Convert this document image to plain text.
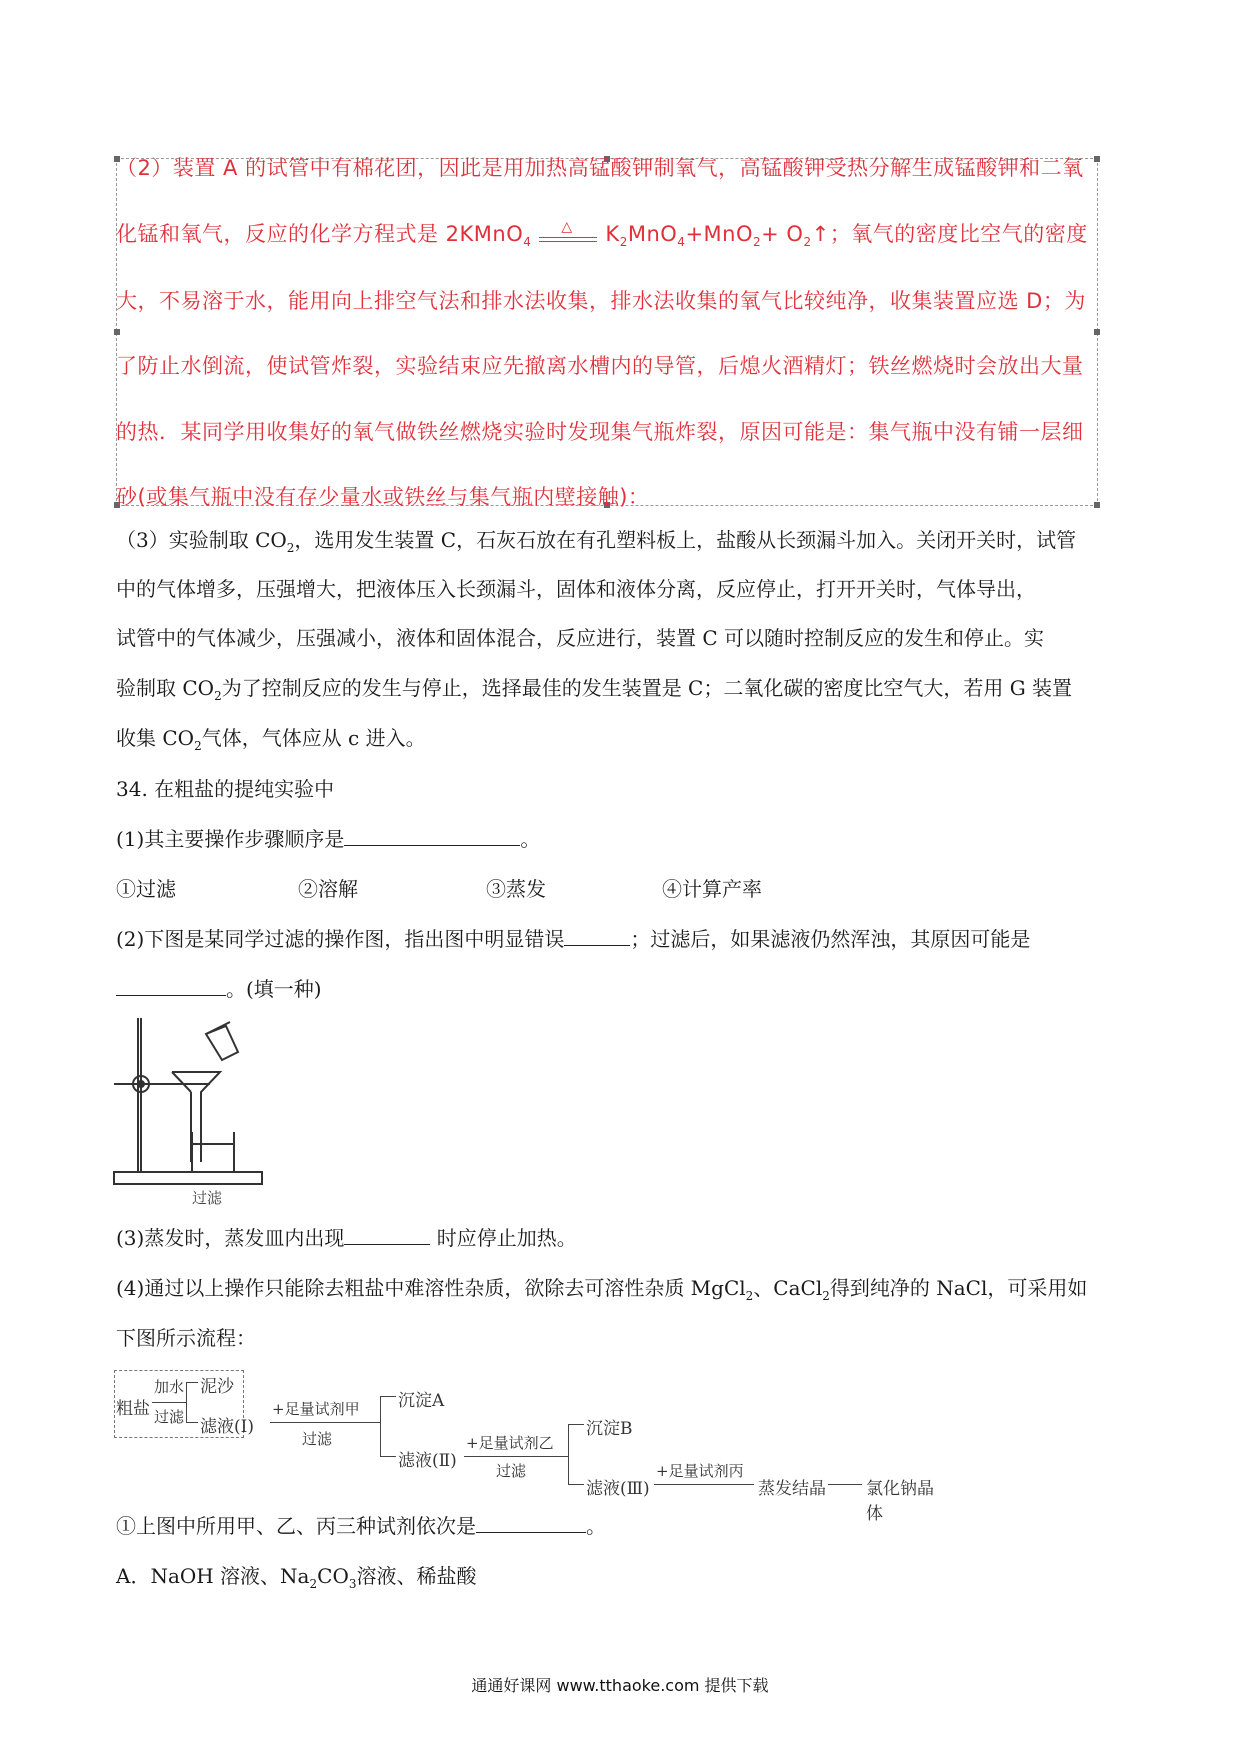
（2）装置 A 的试管中有棉花团，因此是用加热高锰酸钾制氧气，高锰酸钾受热分解生成锰酸钾和二氧
化锰和氧气，反应的化学方程式是 2KMnO$_4$
△ $K_2MnO_4+MnO_2+$ $O_2↑$；氧气的密度比空气的密度
大，不易溶于水，能用向上排空气法和排水法收集，排水法收集的氧气比较纯净，收集装置应选 D；为
了防止水倒流，使试管炸裂，实验结束应先撤离水槽内的导管，后熄火酒精灯；铁丝燃烧时会放出大量
的热．某同学用收集好的氧气做铁丝燃烧实验时发现集气瓶炸裂，原因可能是：集气瓶中没有铺一层细
砂(或集气瓶中没有存少量水或铁丝与集气瓶内壁接触)：
（3）实验制取 $CO_2$，选用发生装置 C，石灰石放在有孔塑料板上，盐酸从长颈漏斗加入。关闭开关时，试管
中的气体增多，压强增大，把液体压入长颈漏斗，固体和液体分离，反应停止，打开开关时，气体导出，
试管中的气体减少，压强减小，液体和固体混合，反应进行，装置 C 可以随时控制反应的发生和停止。实
验制取 $CO_2$为了控制反应的发生与停止，选择最佳的发生装置是 C；二氧化碳的密度比空气大，若用 G 装置
收集 $CO_2$气体，气体应从 c 进入。
34. 在粗盐的提纯实验中
(1)其主要操作步骤顺序是	。
①过滤	②溶解	③蒸发	④计算产率
(2)下图是某同学过滤的操作图，指出图中明显错误	；过滤后，如果滤液仍然浑浊，其原因可能是
。(填一种)
过滤
(3)蒸发时，蒸发皿内出现	时应停止加热。
(4)通过以上操作只能除去粗盐中难溶性杂质，欲除去可溶性杂质 MgCl$_2$、CaCl$_2$得到纯净的 NaCl，可采用如
下图所示流程：
粗盐
加水
过滤
泥沙
滤液(Ⅰ)
+足量试剂甲
过滤
沉淀A
滤液(Ⅱ)
+足量试剂乙
过滤
沉淀B
滤液(Ⅲ)
+足量试剂丙
蒸发结晶 氯化钠晶体
①上图中所用甲、乙、丙三种试剂依次是	。
A．NaOH 溶液、$Na_2CO_3$溶液、稀盐酸
通通好课网 www.tthaoke.com 提供下载
